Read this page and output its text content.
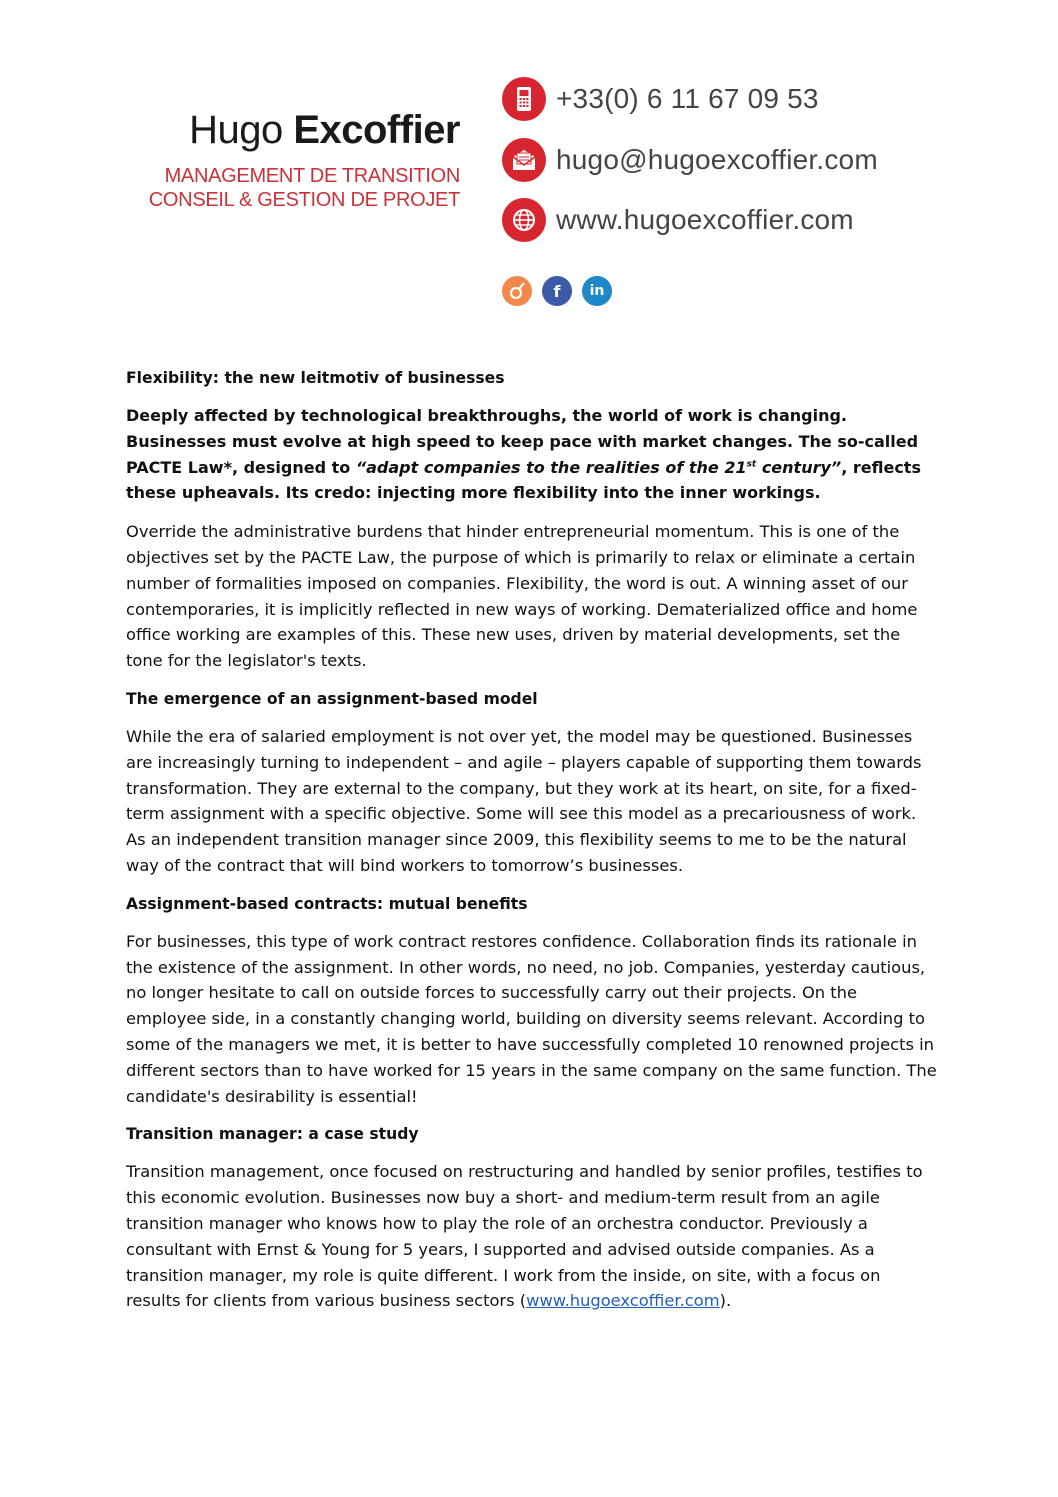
Hugo Excoffier
MANAGEMENT DE TRANSITION
CONSEIL & GESTION DE PROJET
+33(0) 6 11 67 09 53
hugo@hugoexcoffier.com
www.hugoexcoffier.com
f	in
Flexibility: the new leitmotiv of businesses

Deeply affected by technological breakthroughs, the world of work is changing. Businesses must evolve at high speed to keep pace with market changes. The so-called PACTE Law*, designed to “adapt companies to the realities of the 21st century”, reflects these upheavals. Its credo: injecting more flexibility into the inner workings.

Override the administrative burdens that hinder entrepreneurial momentum. This is one of the objectives set by the PACTE Law, the purpose of which is primarily to relax or eliminate a certain number of formalities imposed on companies. Flexibility, the word is out. A winning asset of our contemporaries, it is implicitly reflected in new ways of working. Dematerialized office and home office working are examples of this. These new uses, driven by material developments, set the tone for the legislator's texts.

The emergence of an assignment-based model

While the era of salaried employment is not over yet, the model may be questioned. Businesses are increasingly turning to independent – and agile – players capable of supporting them towards transformation. They are external to the company, but they work at its heart, on site, for a fixed-term assignment with a specific objective. Some will see this model as a precariousness of work. As an independent transition manager since 2009, this flexibility seems to me to be the natural way of the contract that will bind workers to tomorrow’s businesses.

Assignment-based contracts: mutual benefits

For businesses, this type of work contract restores confidence. Collaboration finds its rationale in the existence of the assignment. In other words, no need, no job. Companies, yesterday cautious, no longer hesitate to call on outside forces to successfully carry out their projects. On the employee side, in a constantly changing world, building on diversity seems relevant. According to some of the managers we met, it is better to have successfully completed 10 renowned projects in different sectors than to have worked for 15 years in the same company on the same function. The candidate's desirability is essential!

Transition manager: a case study

Transition management, once focused on restructuring and handled by senior profiles, testifies to this economic evolution. Businesses now buy a short- and medium-term result from an agile transition manager who knows how to play the role of an orchestra conductor. Previously a consultant with Ernst & Young for 5 years, I supported and advised outside companies. As a transition manager, my role is quite different. I work from the inside, on site, with a focus on results for clients from various business sectors (www.hugoexcoffier.com).
